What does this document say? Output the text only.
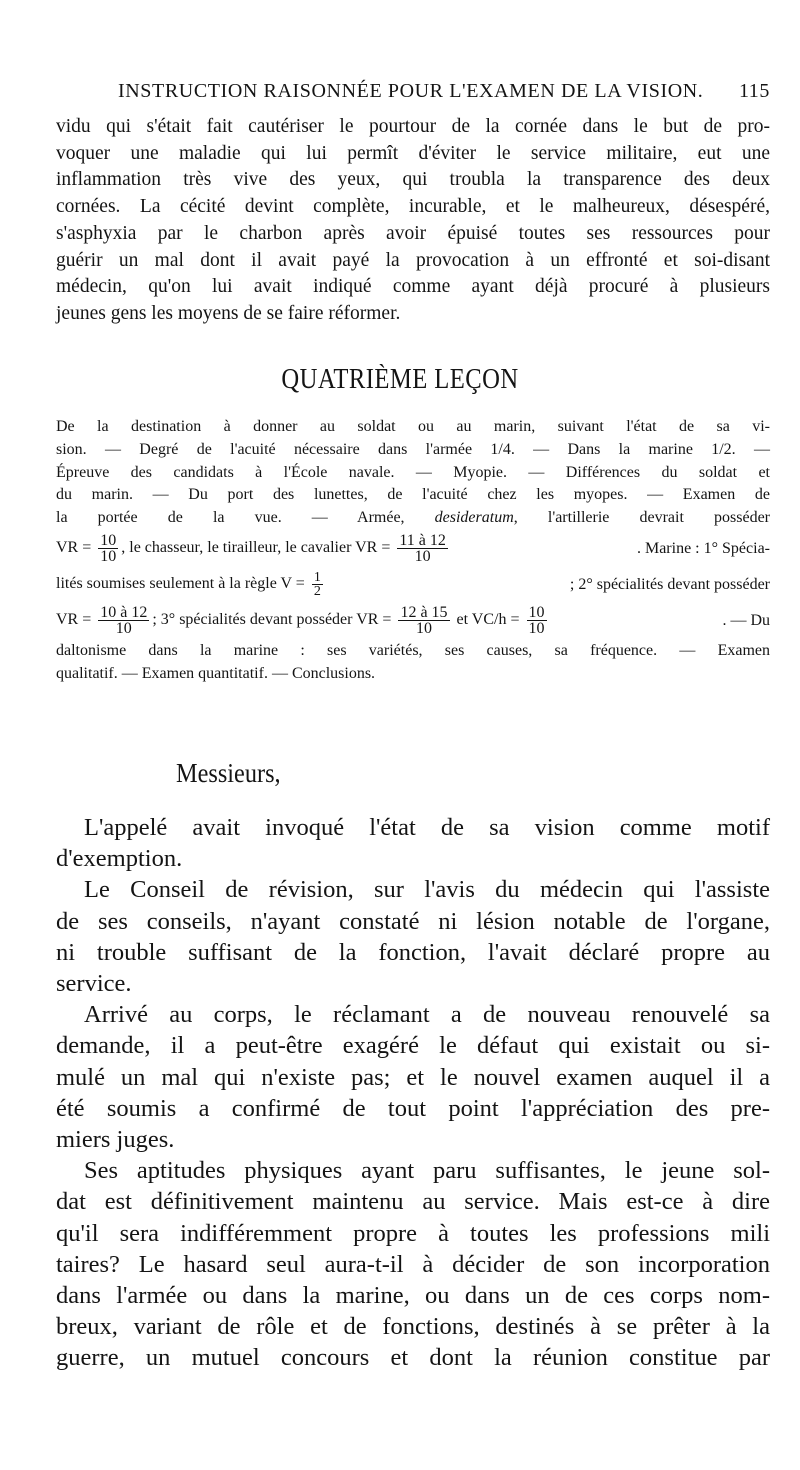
INSTRUCTION RAISONNÉE POUR L'EXAMEN DE LA VISION. 115
vidu qui s'était fait cautériser le pourtour de la cornée dans le but de pro-
voquer une maladie qui lui permît d'éviter le service militaire, eut une
inflammation très vive des yeux, qui troubla la transparence des deux
cornées. La cécité devint complète, incurable, et le malheureux, désespéré,
s'asphyxia par le charbon après avoir épuisé toutes ses ressources pour
guérir un mal dont il avait payé la provocation à un effronté et soi-disant
médecin, qu'on lui avait indiqué comme ayant déjà procuré à plusieurs
jeunes gens les moyens de se faire réformer.
QUATRIÈME LEÇON
De la destination à donner au soldat ou au marin, suivant l'état de sa vi-
sion. — Degré de l'acuité nécessaire dans l'armée 1/4. — Dans la marine 1/2. —
Épreuve des candidats à l'École navale. — Myopie. — Différences du soldat et
du marin. — Du port des lunettes, de l'acuité chez les myopes. — Examen de
la portée de la vue. — Armée, desideratum, l'artillerie devrait posséder
VR = $\frac{10}{10}$ , le chasseur, le tirailleur, le cavalier VR = $\frac{11 à 12}{10}$	. Marine : 1° Spécia-
lités soumises seulement à la règle $V = \frac{1}{2}$	; 2° spécialités devant posséder
VR = $\frac{10 à 12}{10}$ ; 3° spécialités devant posséder VR = $\frac{12 à 15}{10}$ et $VC/h = \frac{10}{10}$	. — Du
daltonisme dans la marine : ses variétés, ses causes, sa fréquence. — Examen
qualitatif. — Examen quantitatif. — Conclusions.
Messieurs,
L'appelé avait invoqué l'état de sa vision comme motif
d'exemption.
Le Conseil de révision, sur l'avis du médecin qui l'assiste
de ses conseils, n'ayant constaté ni lésion notable de l'organe,
ni trouble suffisant de la fonction, l'avait déclaré propre au
service.
Arrivé au corps, le réclamant a de nouveau renouvelé sa
demande, il a peut-être exagéré le défaut qui existait ou si-
mulé un mal qui n'existe pas; et le nouvel examen auquel il a
été soumis a confirmé de tout point l'appréciation des pre-
miers juges.
Ses aptitudes physiques ayant paru suffisantes, le jeune sol-
dat est définitivement maintenu au service. Mais est-ce à dire
qu'il sera indifféremment propre à toutes les professions mili
taires? Le hasard seul aura-t-il à décider de son incorporation
dans l'armée ou dans la marine, ou dans un de ces corps nom-
breux, variant de rôle et de fonctions, destinés à se prêter à la
guerre, un mutuel concours et dont la réunion constitue par
